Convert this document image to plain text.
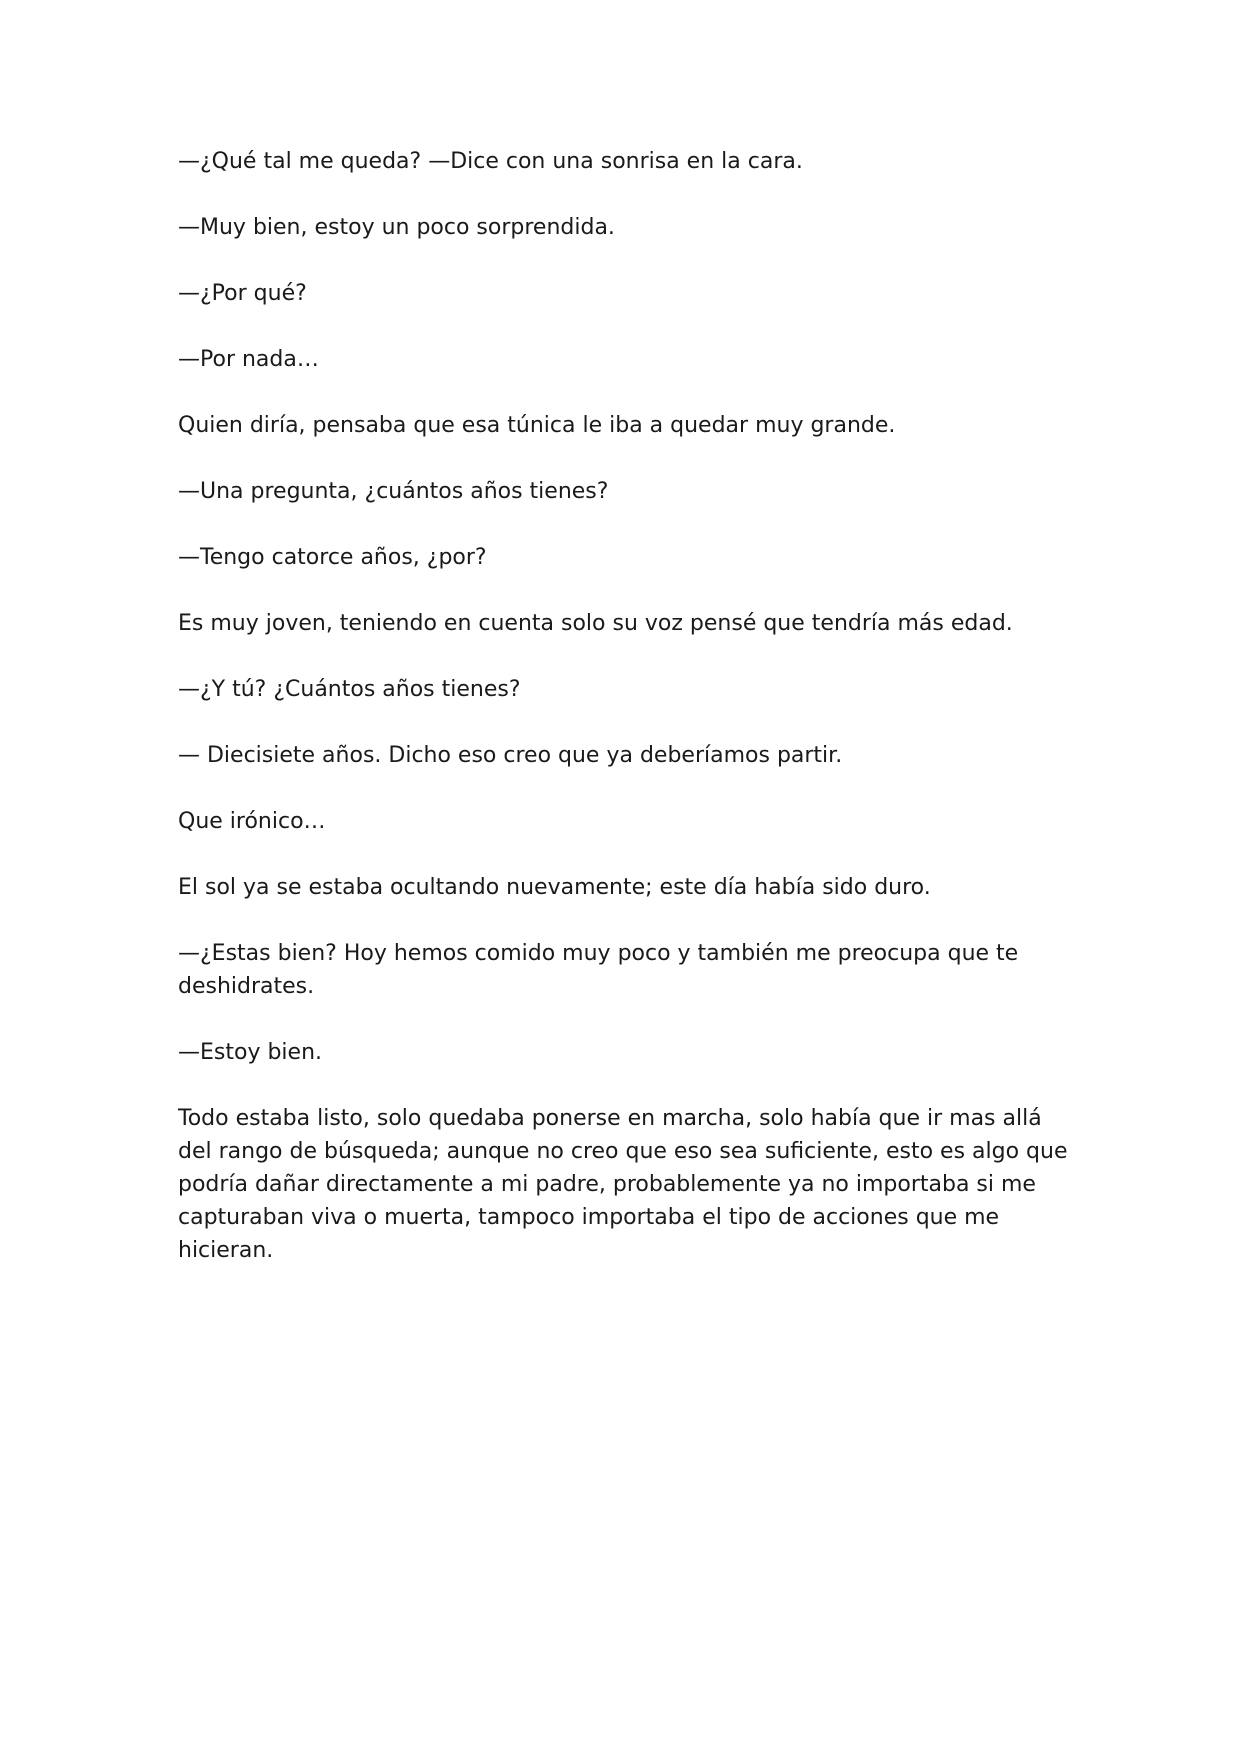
—¿Qué tal me queda? —Dice con una sonrisa en la cara.

—Muy bien, estoy un poco sorprendida.

—¿Por qué?

—Por nada…

Quien diría, pensaba que esa túnica le iba a quedar muy grande.

—Una pregunta, ¿cuántos años tienes?

—Tengo catorce años, ¿por?

Es muy joven, teniendo en cuenta solo su voz pensé que tendría más edad.

—¿Y tú? ¿Cuántos años tienes?

— Diecisiete años. Dicho eso creo que ya deberíamos partir.

Que irónico…

El sol ya se estaba ocultando nuevamente; este día había sido duro.

—¿Estas bien? Hoy hemos comido muy poco y también me preocupa que te deshidrates.

—Estoy bien.

Todo estaba listo, solo quedaba ponerse en marcha, solo había que ir mas allá del rango de búsqueda; aunque no creo que eso sea suficiente, esto es algo que podría dañar directamente a mi padre, probablemente ya no importaba si me capturaban viva o muerta, tampoco importaba el tipo de acciones que me hicieran.
